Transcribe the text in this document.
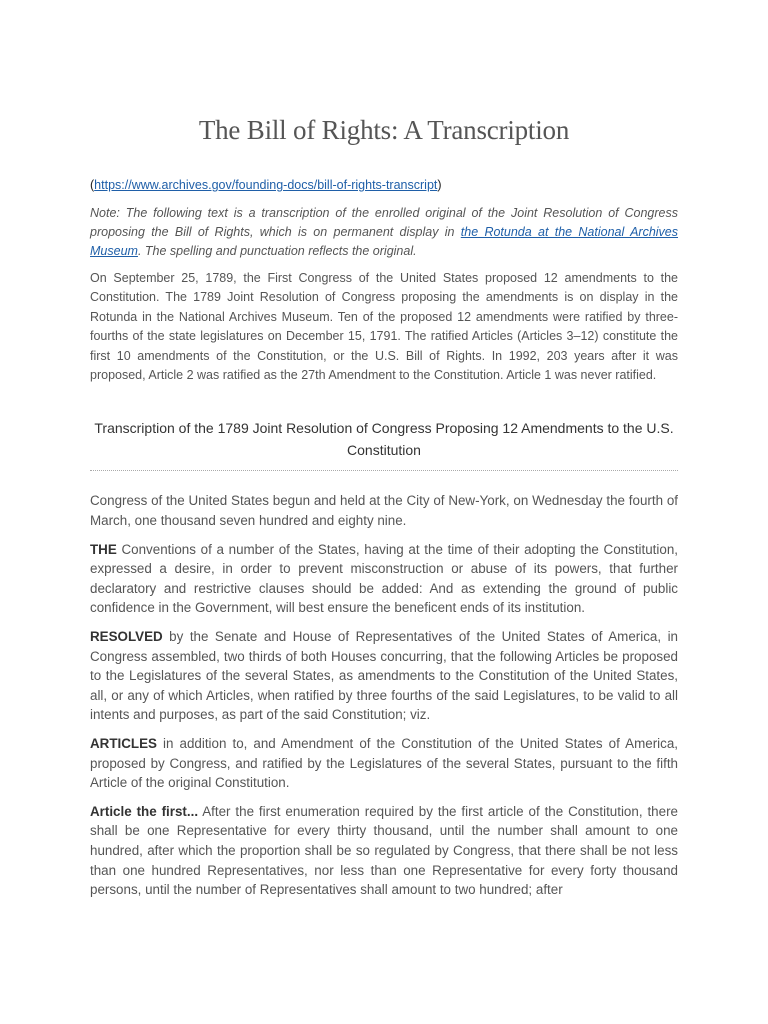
The Bill of Rights: A Transcription
(https://www.archives.gov/founding-docs/bill-of-rights-transcript)
Note: The following text is a transcription of the enrolled original of the Joint Resolution of Congress proposing the Bill of Rights, which is on permanent display in the Rotunda at the National Archives Museum. The spelling and punctuation reflects the original.
On September 25, 1789, the First Congress of the United States proposed 12 amendments to the Constitution. The 1789 Joint Resolution of Congress proposing the amendments is on display in the Rotunda in the National Archives Museum. Ten of the proposed 12 amendments were ratified by three-fourths of the state legislatures on December 15, 1791. The ratified Articles (Articles 3–12) constitute the first 10 amendments of the Constitution, or the U.S. Bill of Rights. In 1992, 203 years after it was proposed, Article 2 was ratified as the 27th Amendment to the Constitution. Article 1 was never ratified.
Transcription of the 1789 Joint Resolution of Congress Proposing 12 Amendments to the U.S. Constitution

Congress of the United States begun and held at the City of New-York, on Wednesday the fourth of March, one thousand seven hundred and eighty nine.

THE Conventions of a number of the States, having at the time of their adopting the Constitution, expressed a desire, in order to prevent misconstruction or abuse of its powers, that further declaratory and restrictive clauses should be added: And as extending the ground of public confidence in the Government, will best ensure the beneficent ends of its institution.

RESOLVED by the Senate and House of Representatives of the United States of America, in Congress assembled, two thirds of both Houses concurring, that the following Articles be proposed to the Legislatures of the several States, as amendments to the Constitution of the United States, all, or any of which Articles, when ratified by three fourths of the said Legislatures, to be valid to all intents and purposes, as part of the said Constitution; viz.

ARTICLES in addition to, and Amendment of the Constitution of the United States of America, proposed by Congress, and ratified by the Legislatures of the several States, pursuant to the fifth Article of the original Constitution.

Article the first... After the first enumeration required by the first article of the Constitution, there shall be one Representative for every thirty thousand, until the number shall amount to one hundred, after which the proportion shall be so regulated by Congress, that there shall be not less than one hundred Representatives, nor less than one Representative for every forty thousand persons, until the number of Representatives shall amount to two hundred; after
